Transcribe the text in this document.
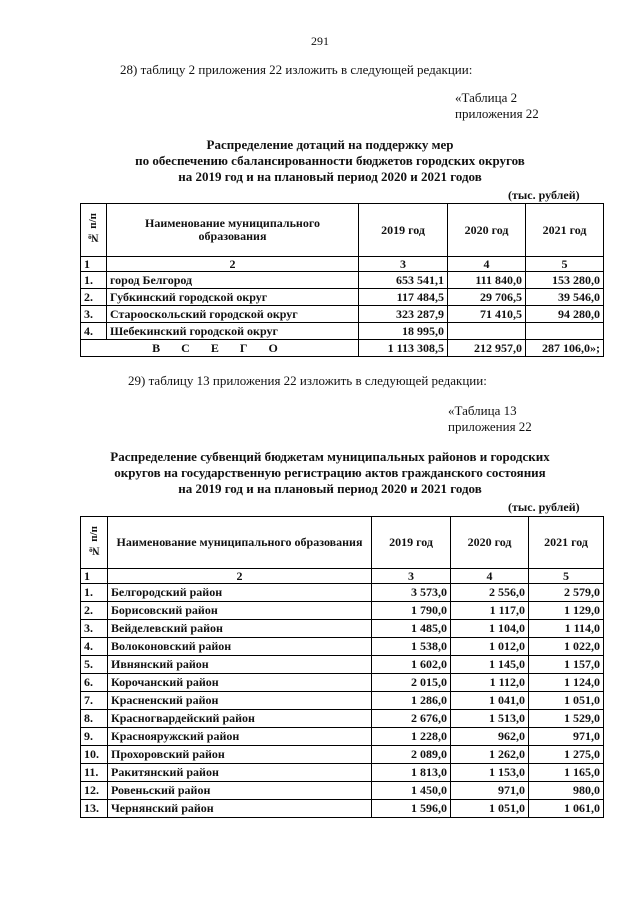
291
28) таблицу 2 приложения 22 изложить в следующей редакции:
«Таблица 2
приложения 22
Распределение дотаций на поддержку мер
по обеспечению сбалансированности бюджетов городских округов
на 2019 год и на плановый период 2020 и 2021 годов
(тыс. рублей)
№ п/п	Наименование муниципального образования	2019 год	2020 год	2021 год
1	2	3	4	5
1.	город Белгород	653 541,1	111 840,0	153 280,0
2.	Губкинский городской округ	117 484,5	29 706,5	39 546,0
3.	Старооскольский городской округ	323 287,9	71 410,5	94 280,0
4.	Шебекинский городской округ	18 995,0		
В С Е Г О		1 113 308,5	212 957,0	287 106,0»;
29) таблицу 13 приложения 22 изложить в следующей редакции:
«Таблица 13
приложения 22
Распределение субвенций бюджетам муниципальных районов и городских
округов на государственную регистрацию актов гражданского состояния
на 2019 год и на плановый период 2020 и 2021 годов
(тыс. рублей)
№ п/п	Наименование муниципального образования	2019 год	2020 год	2021 год
1	2	3	4	5
1.	Белгородский район	3 573,0	2 556,0	2 579,0
2.	Борисовский район	1 790,0	1 117,0	1 129,0
3.	Вейделевский район	1 485,0	1 104,0	1 114,0
4.	Волоконовский район	1 538,0	1 012,0	1 022,0
5.	Ивнянский район	1 602,0	1 145,0	1 157,0
6.	Корочанский район	2 015,0	1 112,0	1 124,0
7.	Красненский район	1 286,0	1 041,0	1 051,0
8.	Красногвардейский район	2 676,0	1 513,0	1 529,0
9.	Краснояружский район	1 228,0	962,0	971,0
10.	Прохоровский район	2 089,0	1 262,0	1 275,0
11.	Ракитянский район	1 813,0	1 153,0	1 165,0
12.	Ровеньский район	1 450,0	971,0	980,0
13.	Чернянский район	1 596,0	1 051,0	1 061,0
